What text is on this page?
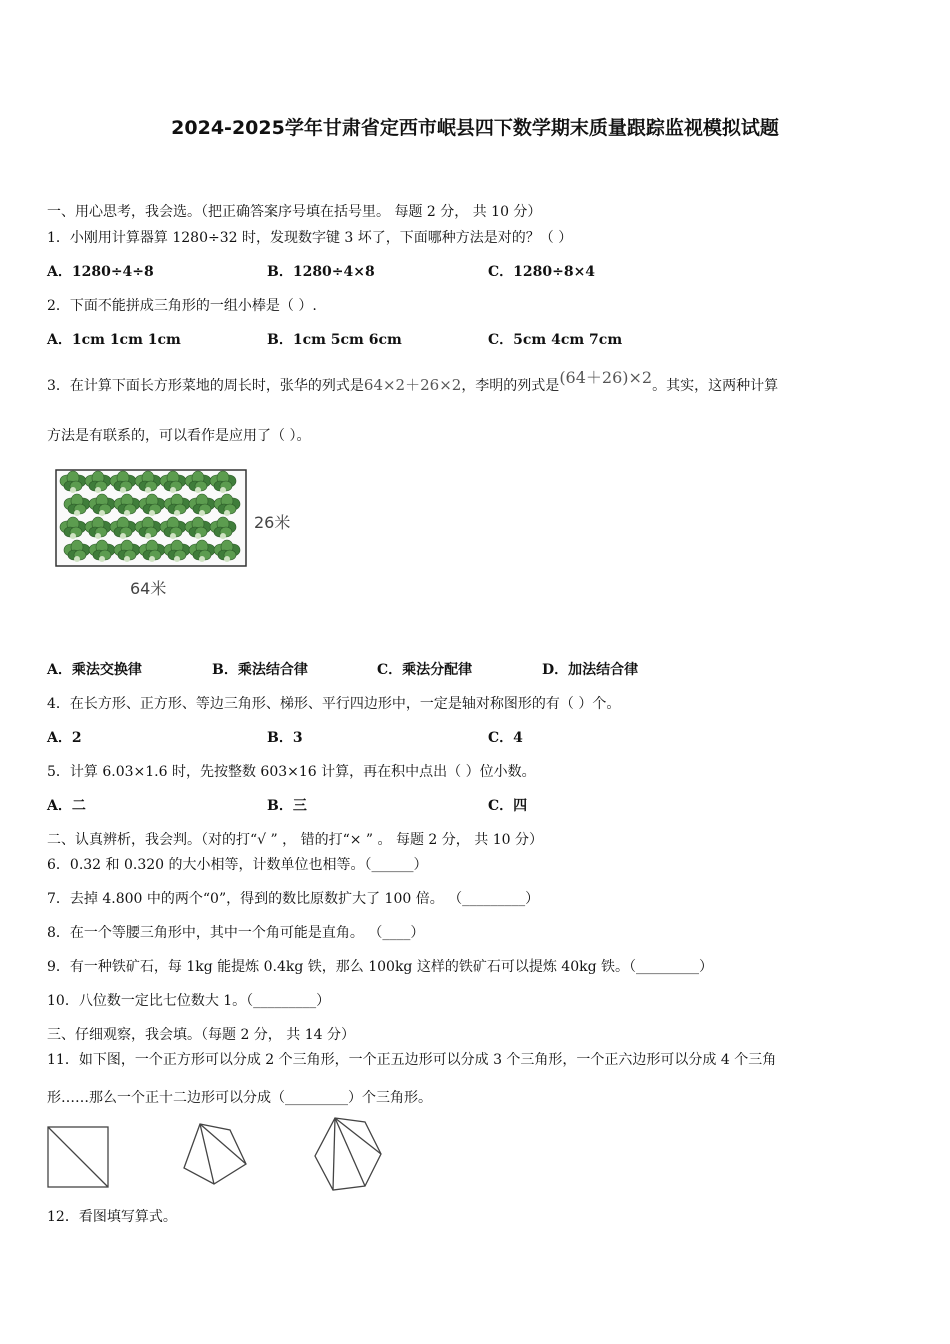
2024-2025学年甘肃省定西市岷县四下数学期末质量跟踪监视模拟试题
一、用心思考，我会选。（把正确答案序号填在括号里。 每题 2 分， 共 10 分）
1．小刚用计算器算 1280÷32 时，发现数字键 3 坏了，下面哪种方法是对的？（ ）
A．1280÷4÷8	B．1280÷4×8	C．1280÷8×4
2．下面不能拼成三角形的一组小棒是（ ）.
A．1cm 1cm 1cm	B．1cm 5cm 6cm	C．5cm 4cm 7cm
3．在计算下面长方形菜地的周长时，张华的列式是64×2＋26×2，李明的列式是(64＋26)×2。其实，这两种计算
方法是有联系的，可以看作是应用了（ ）。
26米
64米
A．乘法交换律	B．乘法结合律	C．乘法分配律	D．加法结合律
4．在长方形、正方形、等边三角形、梯形、平行四边形中，一定是轴对称图形的有（ ）个。
A．2	B．3	C．4
5．计算 6.03×1.6 时，先按整数 603×16 计算，再在积中点出（ ）位小数。
A．二	B．三	C．四
二、认真辨析，我会判。（对的打“√ ” ， 错的打“× ” 。 每题 2 分， 共 10 分）
6．0.32 和 0.320 的大小相等，计数单位也相等。（______）
7．去掉 4.800 中的两个“0”，得到的数比原数扩大了 100 倍。 （_________）
8．在一个等腰三角形中，其中一个角可能是直角。 （____）
9．有一种铁矿石，每 1kg 能提炼 0.4kg 铁，那么 100kg 这样的铁矿石可以提炼 40kg 铁。（_________）
10．八位数一定比七位数大 1。（_________）
三、仔细观察，我会填。（每题 2 分， 共 14 分）
11．如下图，一个正方形可以分成 2 个三角形，一个正五边形可以分成 3 个三角形，一个正六边形可以分成 4 个三角
形……那么一个正十二边形可以分成（_________）个三角形。
12．看图填写算式。
